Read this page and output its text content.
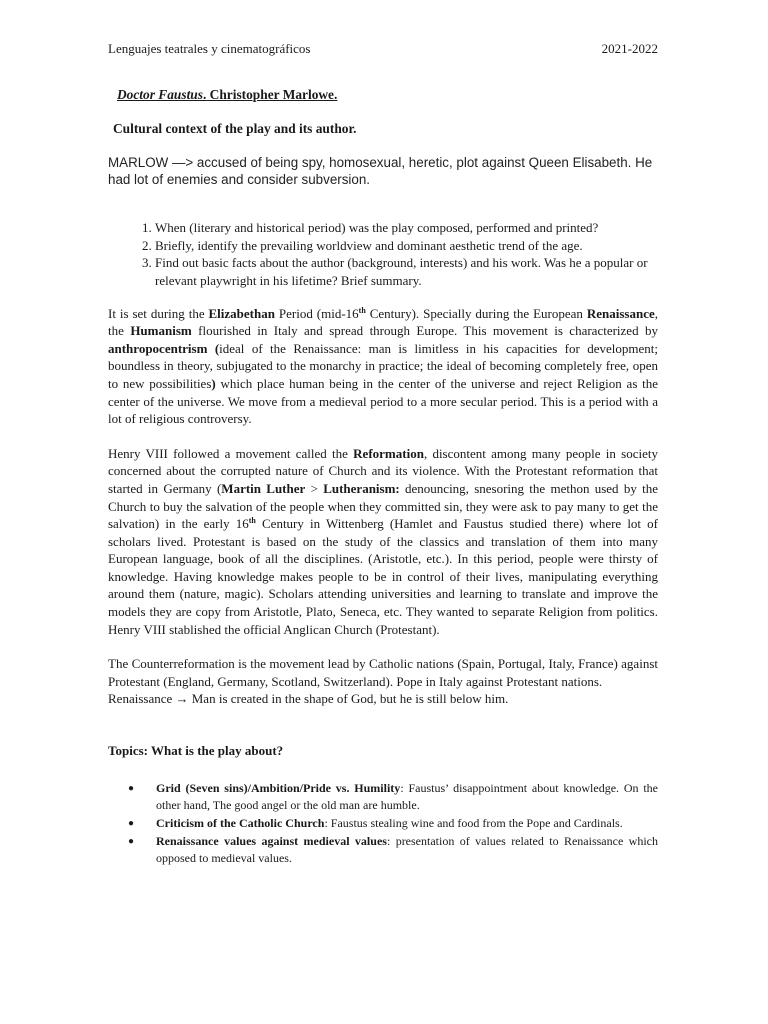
Lenguajes teatrales y cinematográficos	2021-2022

Doctor Faustus. Christopher Marlowe.

Cultural context of the play and its author.

MARLOW —> accused of being spy, homosexual, heretic, plot against Queen Elisabeth. He had lot of enemies and consider subversion.

1. When (literary and historical period) was the play composed, performed and printed?
2. Briefly, identify the prevailing worldview and dominant aesthetic trend of the age.
3. Find out basic facts about the author (background, interests) and his work. Was he a popular or relevant playwright in his lifetime? Brief summary.

It is set during the Elizabethan Period (mid-16th Century). Specially during the European Renaissance, the Humanism flourished in Italy and spread through Europe. This movement is characterized by anthropocentrism (ideal of the Renaissance: man is limitless in his capacities for development; boundless in theory, subjugated to the monarchy in practice; the ideal of becoming completely free, open to new possibilities) which place human being in the center of the universe and reject Religion as the center of the universe. We move from a medieval period to a more secular period. This is a period with a lot of religious controversy.

Henry VIII followed a movement called the Reformation, discontent among many people in society concerned about the corrupted nature of Church and its violence. With the Protestant reformation that started in Germany (Martin Luther > Lutheranism: denouncing, snesoring the methon used by the Church to buy the salvation of the people when they committed sin, they were ask to pay many to get the salvation) in the early 16th Century in Wittenberg (Hamlet and Faustus studied there) where lot of scholars lived. Protestant is based on the study of the classics and translation of them into many European language, book of all the disciplines. (Aristotle, etc.). In this period, people were thirsty of knowledge. Having knowledge makes people to be in control of their lives, manipulating everything around them (nature, magic). Scholars attending universities and learning to translate and improve the models they are copy from Aristotle, Plato, Seneca, etc. They wanted to separate Religion from politics. Henry VIII stablished the official Anglican Church (Protestant).

The Counterreformation is the movement lead by Catholic nations (Spain, Portugal, Italy, France) against Protestant (England, Germany, Scotland, Switzerland). Pope in Italy against Protestant nations.

Renaissance → Man is created in the shape of God, but he is still below him.

Topics: What is the play about?

● Grid (Seven sins)/Ambition/Pride vs. Humility: Faustus’ disappointment about knowledge. On the other hand, The good angel or the old man are humble.
● Criticism of the Catholic Church: Faustus stealing wine and food from the Pope and Cardinals.
● Renaissance values against medieval values: presentation of values related to Renaissance which opposed to medieval values.
